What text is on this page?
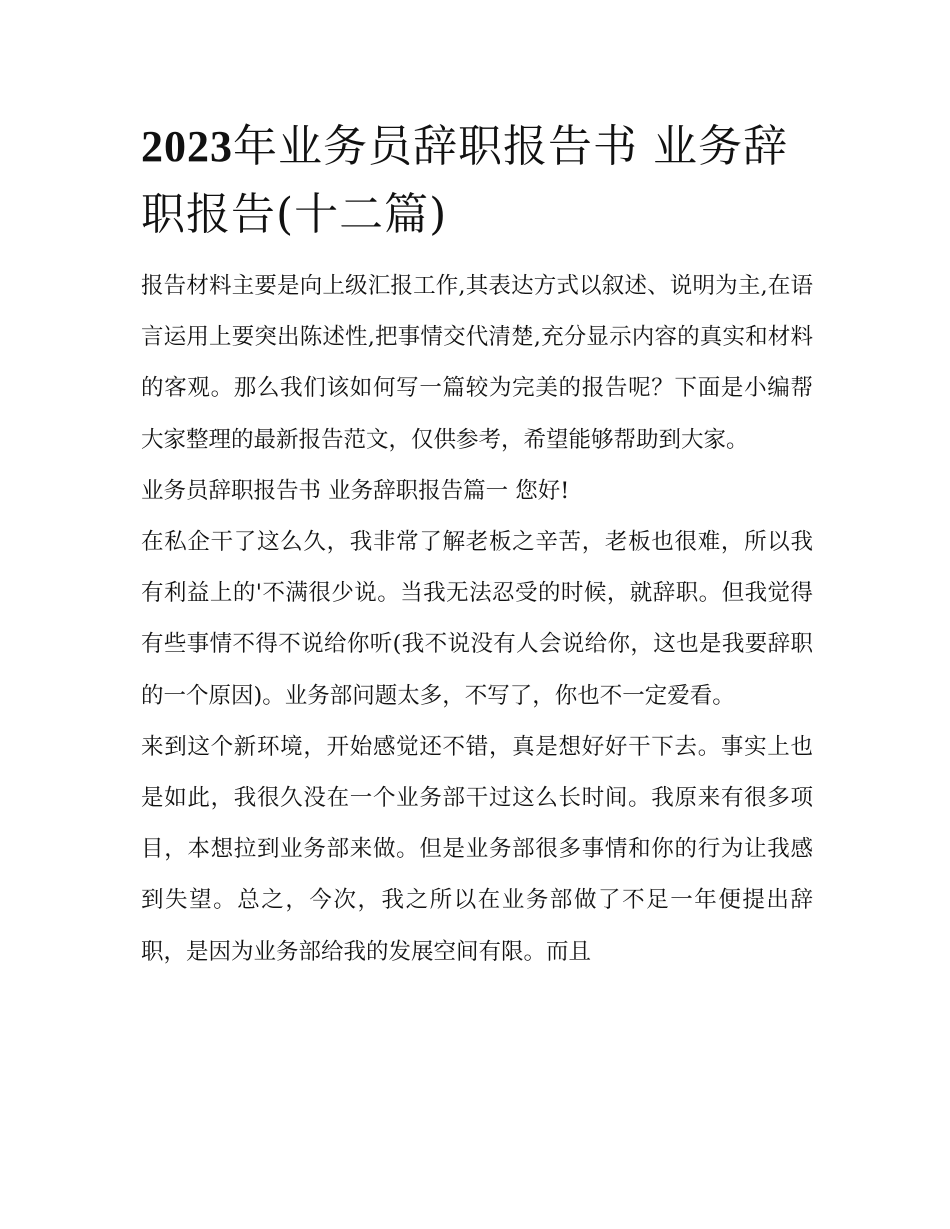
2023年业务员辞职报告书 业务辞职报告(十二篇)

报告材料主要是向上级汇报工作,其表达方式以叙述、说明为主,在语言运用上要突出陈述性,把事情交代清楚,充分显示内容的真实和材料的客观。那么我们该如何写一篇较为完美的报告呢？下面是小编帮大家整理的最新报告范文，仅供参考，希望能够帮助到大家。

业务员辞职报告书 业务辞职报告篇一 您好!

在私企干了这么久，我非常了解老板之辛苦，老板也很难，所以我有利益上的'不满很少说。当我无法忍受的时候，就辞职。但我觉得有些事情不得不说给你听(我不说没有人会说给你，这也是我要辞职的一个原因)。业务部问题太多，不写了，你也不一定爱看。

来到这个新环境，开始感觉还不错，真是想好好干下去。事实上也是如此，我很久没在一个业务部干过这么长时间。我原来有很多项目，本想拉到业务部来做。但是业务部很多事情和你的行为让我感到失望。总之，今次，我之所以在业务部做了不足一年便提出辞职，是因为业务部给我的发展空间有限。而且
